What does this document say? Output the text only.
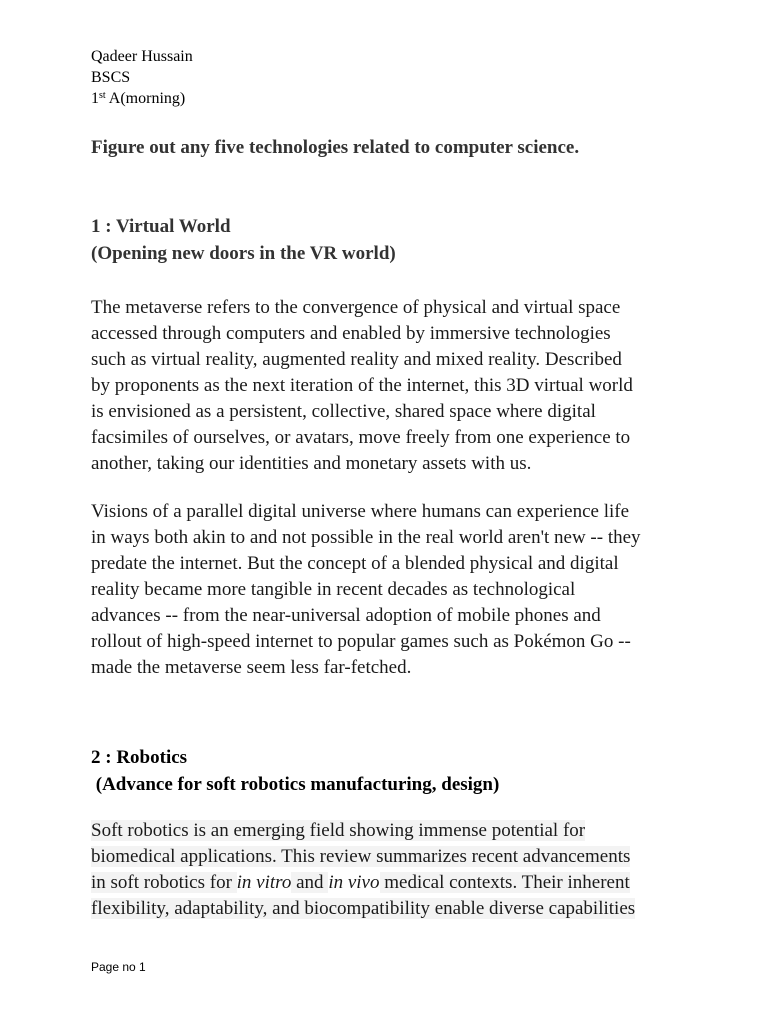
Qadeer Hussain
BSCS
1st A(morning)
Figure out any five technologies related to computer science.
1 : Virtual World
(Opening new doors in the VR world)
The metaverse refers to the convergence of physical and virtual space
accessed through computers and enabled by immersive technologies
such as virtual reality, augmented reality and mixed reality. Described
by proponents as the next iteration of the internet, this 3D virtual world
is envisioned as a persistent, collective, shared space where digital
facsimiles of ourselves, or avatars, move freely from one experience to
another, taking our identities and monetary assets with us.
Visions of a parallel digital universe where humans can experience life
in ways both akin to and not possible in the real world aren't new -- they
predate the internet. But the concept of a blended physical and digital
reality became more tangible in recent decades as technological
advances -- from the near-universal adoption of mobile phones and
rollout of high-speed internet to popular games such as Pokémon Go --
made the metaverse seem less far-fetched.
2 : Robotics
(Advance for soft robotics manufacturing, design)
Soft robotics is an emerging field showing immense potential for
biomedical applications. This review summarizes recent advancements
in soft robotics for in vitro and in vivo medical contexts. Their inherent
flexibility, adaptability, and biocompatibility enable diverse capabilities
Page no 1
